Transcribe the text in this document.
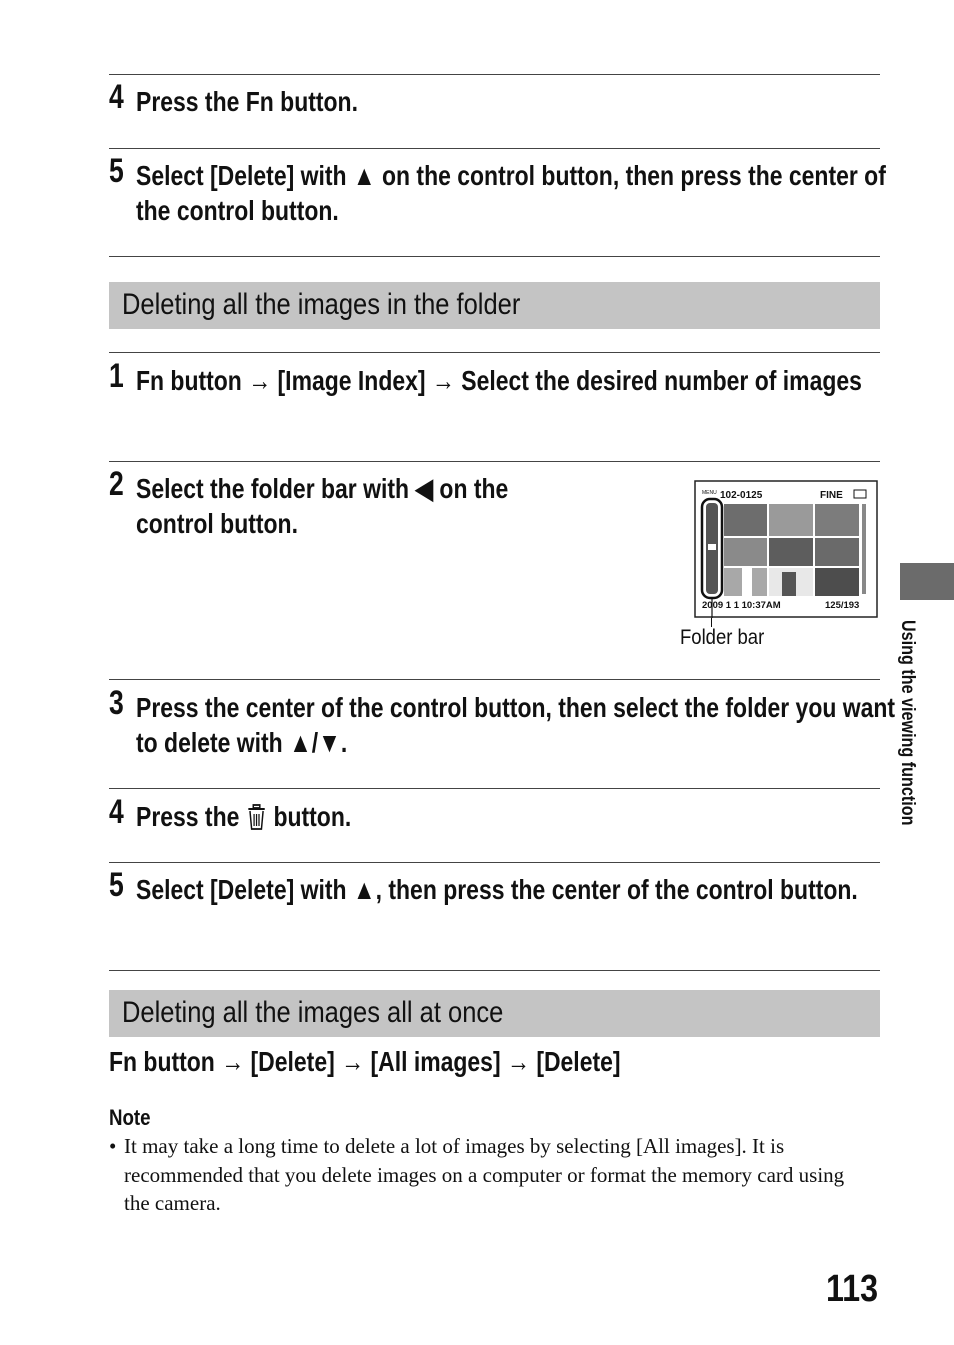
4 Press the Fn button.
5 Select [Delete] with ▲ on the control button, then press the center of the control button.
Deleting all the images in the folder
1 Fn button → [Image Index] → Select the desired number of images
2 Select the folder bar with ◀ on the control button.
102-0125
MENU	FINE
2009 1 1 10:37AM	125/193
Folder bar
3 Press the center of the control button, then select the folder you want to delete with ▲/▼.
4 Press the button.
5 Select [Delete] with ▲, then press the center of the control button.
Deleting all the images all at once
Fn button → [Delete] → [All images] → [Delete]
Note
• It may take a long time to delete a lot of images by selecting [All images]. It is recommended that you delete images on a computer or format the memory card using the camera.
Using the viewing function
113
